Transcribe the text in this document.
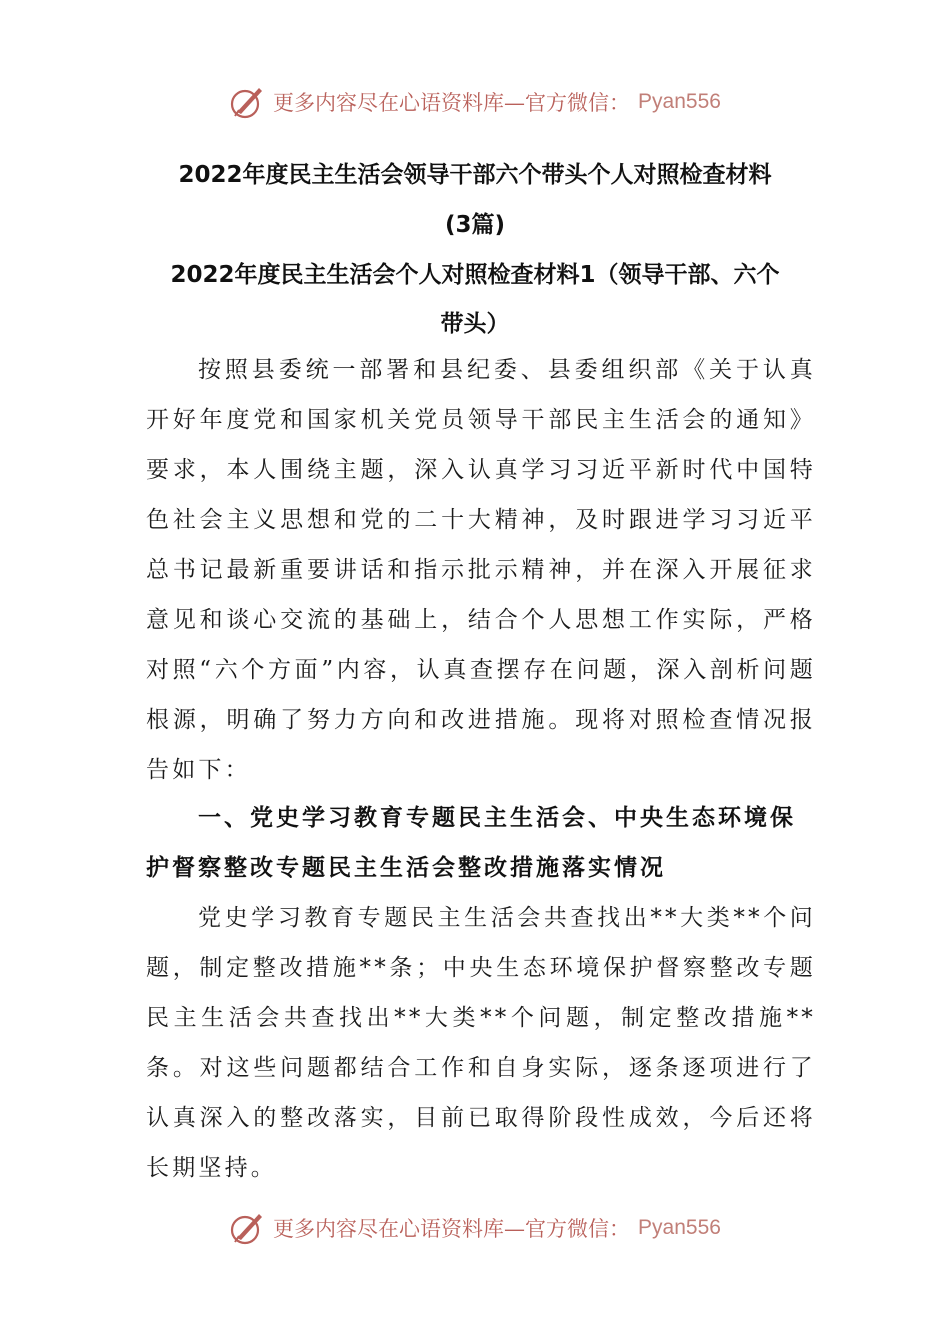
更多内容尽在心语资料库—官方微信： Pyan556
2022年度民主生活会领导干部六个带头个人对照检查材料
(3篇)
2022年度民主生活会个人对照检查材料1（领导干部、六个
带头）
按照县委统一部署和县纪委、县委组织部《关于认真开好年度党和国家机关党员领导干部民主生活会的通知》要求，本人围绕主题，深入认真学习习近平新时代中国特色社会主义思想和党的二十大精神，及时跟进学习习近平总书记最新重要讲话和指示批示精神，并在深入开展征求意见和谈心交流的基础上，结合个人思想工作实际，严格对照“六个方面”内容，认真查摆存在问题，深入剖析问题根源，明确了努力方向和改进措施。现将对照检查情况报告如下：
一、党史学习教育专题民主生活会、中央生态环境保护督察整改专题民主生活会整改措施落实情况
党史学习教育专题民主生活会共查找出**大类**个问题，制定整改措施**条；中央生态环境保护督察整改专题民主生活会共查找出**大类**个问题，制定整改措施**条。对这些问题都结合工作和自身实际，逐条逐项进行了认真深入的整改落实，目前已取得阶段性成效，今后还将长期坚持。
更多内容尽在心语资料库—官方微信： Pyan556
